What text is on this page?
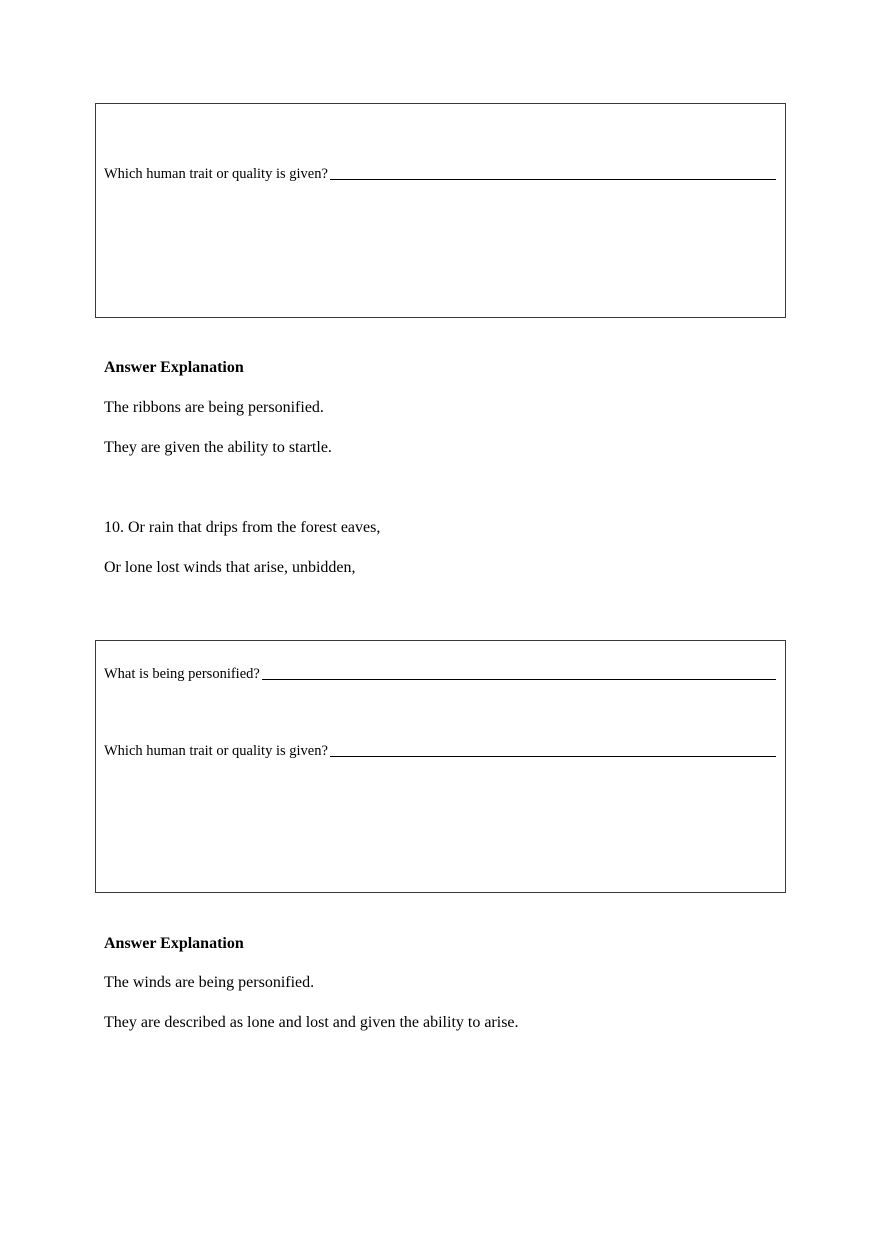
Which human trait or quality is given?
Answer Explanation
The ribbons are being personified.
They are given the ability to startle.
10. Or rain that drips from the forest eaves,
Or lone lost winds that arise, unbidden,
What is being personified?
Which human trait or quality is given?
Answer Explanation
The winds are being personified.
They are described as lone and lost and given the ability to arise.
